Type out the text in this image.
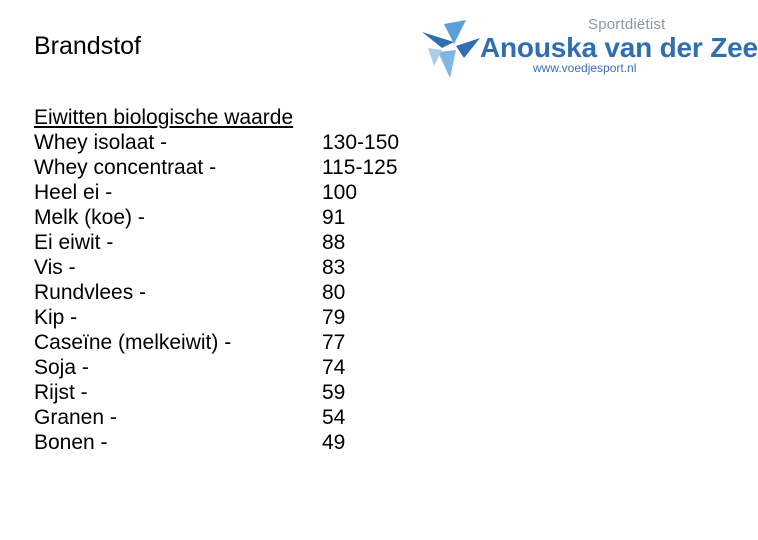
Brandstof
Sportdiëtist
Anouska van der Zee
www.voedjesport.nl
Eiwitten biologische waarde
Whey isolaat -	130-150
Whey concentraat -	115-125
Heel ei -	100
Melk (koe) -	91
Ei eiwit -	88
Vis -	83
Rundvlees -	80
Kip -	79
Caseïne (melkeiwit) -	77
Soja -	74
Rijst -	59
Granen -	54
Bonen -	49
